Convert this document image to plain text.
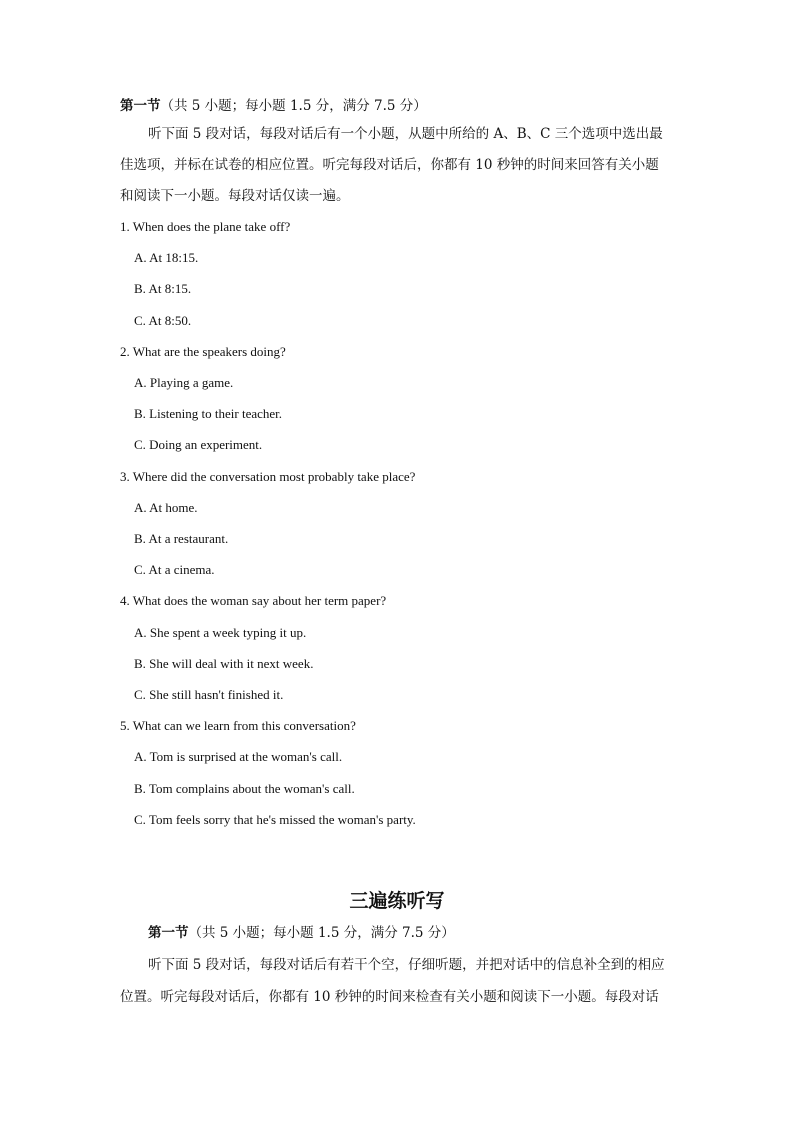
第一节（共 5 小题；每小题 1.5 分，满分 7.5 分）
听下面 5 段对话，每段对话后有一个小题，从题中所给的 A、B、C 三个选项中选出最
佳选项，并标在试卷的相应位置。听完每段对话后，你都有 10 秒钟的时间来回答有关小题
和阅读下一小题。每段对话仅读一遍。
1. When does the plane take off?
A. At 18:15.
B. At 8:15.
C. At 8:50.
2. What are the speakers doing?
A. Playing a game.
B. Listening to their teacher.
C. Doing an experiment.
3. Where did the conversation most probably take place?
A. At home.
B. At a restaurant.
C. At a cinema.
4. What does the woman say about her term paper?
A. She spent a week typing it up.
B. She will deal with it next week.
C. She still hasn't finished it.
5. What can we learn from this conversation?
A. Tom is surprised at the woman's call.
B. Tom complains about the woman's call.
C. Tom feels sorry that he's missed the woman's party.
三遍练听写
第一节（共 5 小题；每小题 1.5 分，满分 7.5 分）
听下面 5 段对话，每段对话后有若干个空，仔细听题，并把对话中的信息补全到的相应
位置。听完每段对话后，你都有 10 秒钟的时间来检查有关小题和阅读下一小题。每段对话
